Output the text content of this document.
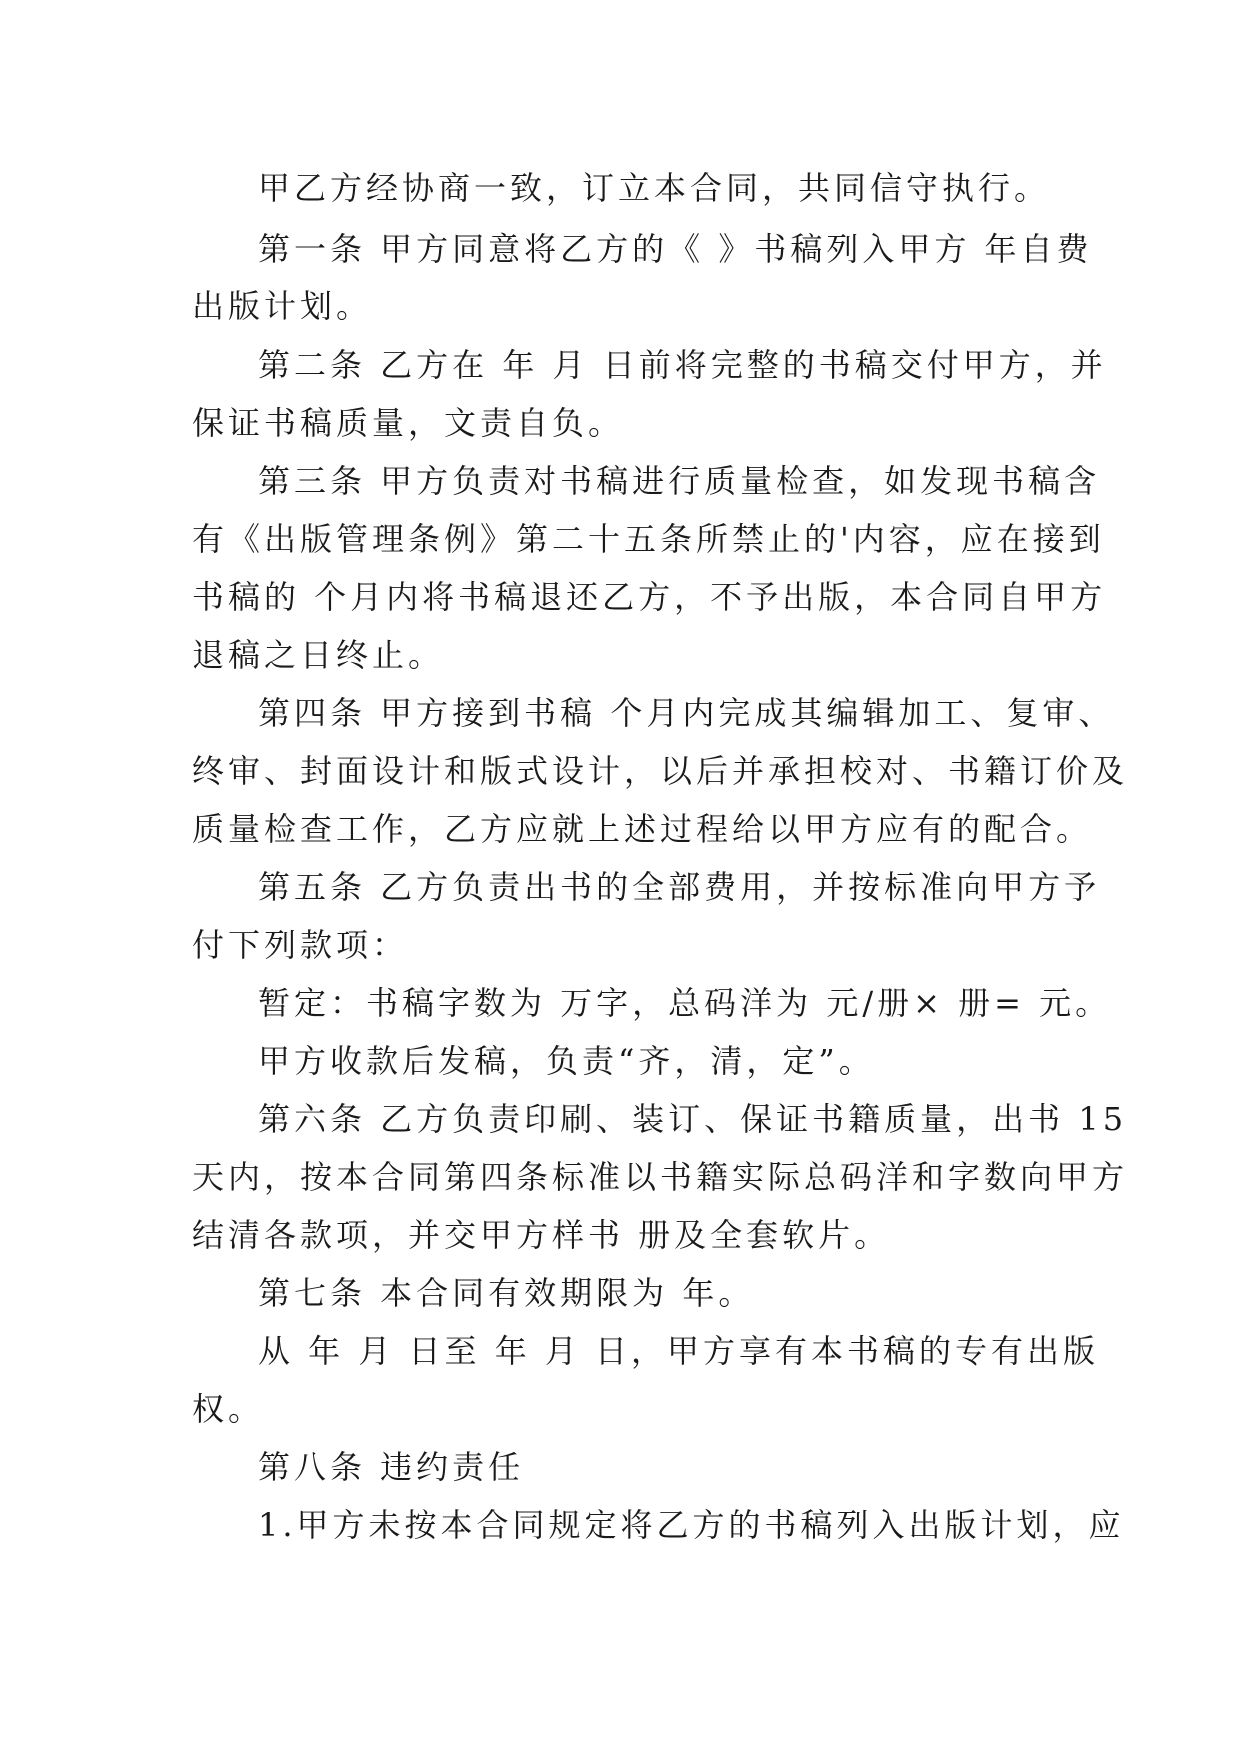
甲乙方经协商一致，订立本合同，共同信守执行。
第一条 甲方同意将乙方的《 》书稿列入甲方 年自费
出版计划。
第二条 乙方在 年 月 日前将完整的书稿交付甲方，并
保证书稿质量，文责自负。
第三条 甲方负责对书稿进行质量检查，如发现书稿含
有《出版管理条例》第二十五条所禁止的'内容，应在接到
书稿的 个月内将书稿退还乙方，不予出版，本合同自甲方
退稿之日终止。
第四条 甲方接到书稿 个月内完成其编辑加工、复审、
终审、封面设计和版式设计，以后并承担校对、书籍订价及
质量检查工作，乙方应就上述过程给以甲方应有的配合。
第五条 乙方负责出书的全部费用，并按标准向甲方予
付下列款项：
暂定：书稿字数为 万字，总码洋为 元/册× 册= 元。
甲方收款后发稿，负责“齐，清，定”。
第六条 乙方负责印刷、装订、保证书籍质量，出书 15
天内，按本合同第四条标准以书籍实际总码洋和字数向甲方
结清各款项，并交甲方样书 册及全套软片。
第七条 本合同有效期限为 年。
从 年 月 日至 年 月 日，甲方享有本书稿的专有出版
权。
第八条 违约责任
1.甲方未按本合同规定将乙方的书稿列入出版计划，应
